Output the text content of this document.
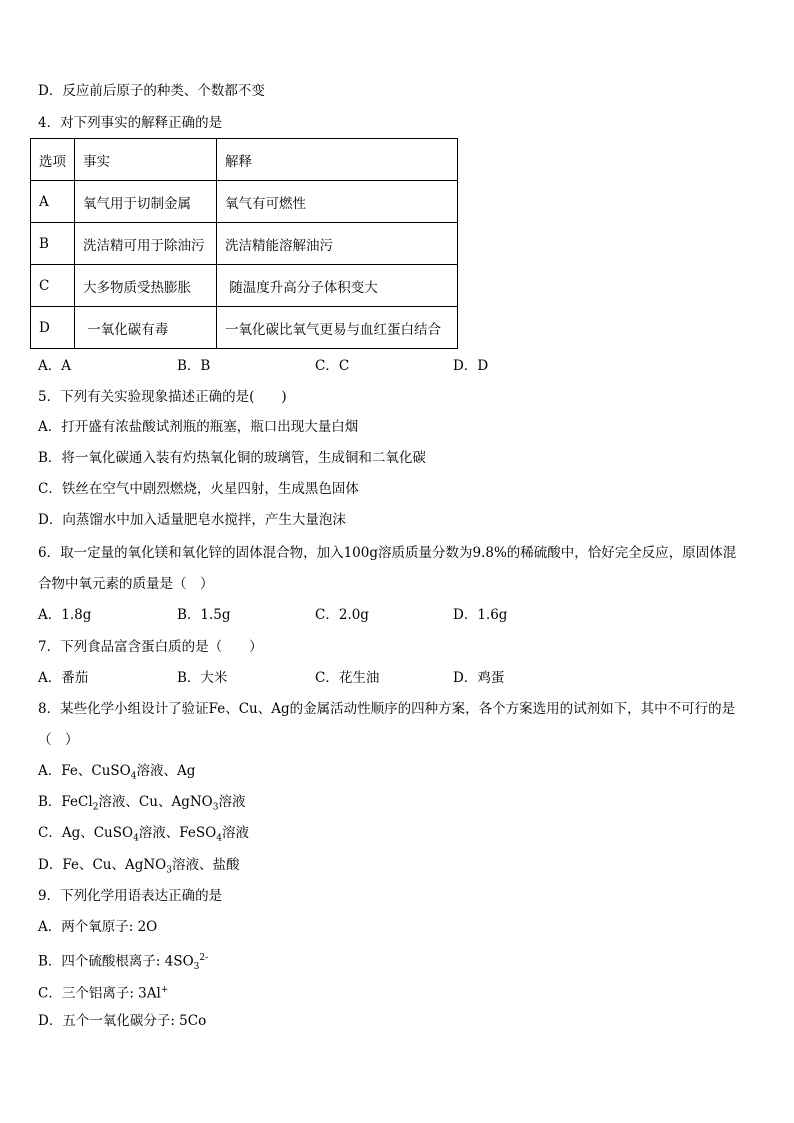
D．反应前后原子的种类、个数都不变
4．对下列事实的解释正确的是
选项	事实	解释
A	氧气用于切制金属	氧气有可燃性
B	洗洁精可用于除油污	洗洁精能溶解油污
C	大多物质受热膨胀	随温度升高分子体积变大
D	一氧化碳有毒	一氧化碳比氧气更易与血红蛋白结合
A．A	B．B	C．C	D．D
5．下列有关实验现象描述正确的是(　　)
A．打开盛有浓盐酸试剂瓶的瓶塞，瓶口出现大量白烟
B．将一氧化碳通入装有灼热氧化铜的玻璃管，生成铜和二氧化碳
C．铁丝在空气中剧烈燃烧，火星四射，生成黑色固体
D．向蒸馏水中加入适量肥皂水搅拌，产生大量泡沫
6．取一定量的氧化镁和氧化锌的固体混合物，加入100g溶质质量分数为9.8%的稀硫酸中，恰好完全反应，原固体混
合物中氧元素的质量是（　）
A．1.8g	B．1.5g	C．2.0g	D．1.6g
7．下列食品富含蛋白质的是（　　）
A．番茄	B．大米	C．花生油	D．鸡蛋
8．某些化学小组设计了验证Fe、Cu、Ag的金属活动性顺序的四种方案，各个方案选用的试剂如下，其中不可行的是
（　）
A．Fe、CuSO$_4$溶液、Ag
B．FeCl$_2$溶液、Cu、AgNO$_3$溶液
C．Ag、CuSO$_4$溶液、FeSO$_4$溶液
D．Fe、Cu、AgNO$_3$溶液、盐酸
9．下列化学用语表达正确的是
A．两个氧原子: 2O
B．四个硫酸根离子: $4SO_3^{2-}$
C．三个铝离子: 3Al+
D．五个一氧化碳分子: 5Co
